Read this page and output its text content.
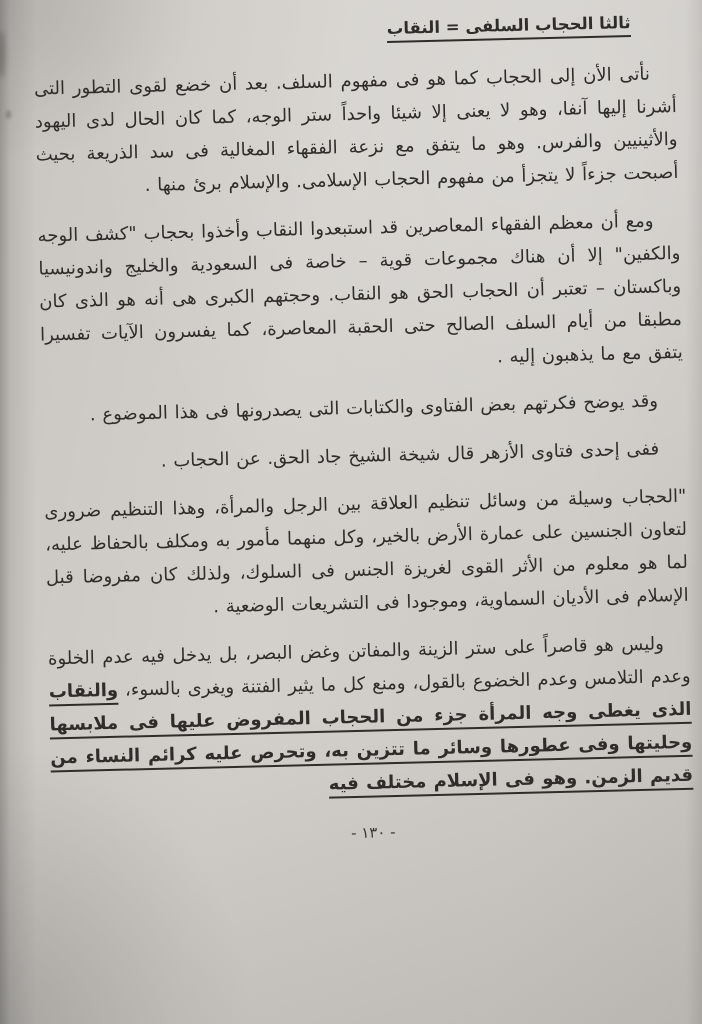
ثالثا الحجاب السلفى = النقاب

نأتى الأن إلى الحجاب كما هو فى مفهوم السلف. بعد أن خضع لقوى التطور التى أشرنا إليها آنفا، وهو لا يعنى إلا شيئا واحداً ستر الوجه، كما كان الحال لدى اليهود والأثينيين والفرس. وهو ما يتفق مع نزعة الفقهاء المغالية فى سد الذريعة بحيث أصبحت جزءاً لا يتجزأ من مفهوم الحجاب الإسلامى. والإسلام برئ منها .

ومع أن معظم الفقهاء المعاصرين قد استبعدوا النقاب وأخذوا بحجاب "كشف الوجه والكفين" إلا أن هناك مجموعات قوية – خاصة فى السعودية والخليج واندونيسيا وباكستان – تعتبر أن الحجاب الحق هو النقاب. وحجتهم الكبرى هى أنه هو الذى كان مطبقا من أيام السلف الصالح حتى الحقبة المعاصرة، كما يفسرون الآيات تفسيرا يتفق مع ما يذهبون إليه .

وقد يوضح فكرتهم بعض الفتاوى والكتابات التى يصدرونها فى هذا الموضوع .

ففى إحدى فتاوى الأزهر قال شيخة الشيخ جاد الحق. عن الحجاب .

"الحجاب وسيلة من وسائل تنظيم العلاقة بين الرجل والمرأة، وهذا التنظيم ضرورى لتعاون الجنسين على عمارة الأرض بالخير، وكل منهما مأمور به ومكلف بالحفاظ عليه، لما هو معلوم من الأثر القوى لغريزة الجنس فى السلوك، ولذلك كان مفروضا قبل الإسلام فى الأديان السماوية، وموجودا فى التشريعات الوضعية .

وليس هو قاصراً على ستر الزينة والمفاتن وغض البصر، بل يدخل فيه عدم الخلوة وعدم التلامس وعدم الخضوع بالقول، ومنع كل ما يثير الفتنة ويغرى بالسوء، والنقاب الذى يغطى وجه المرأة جزء من الحجاب المفروض عليها فى ملابسها وحليتها وفى عطورها وسائر ما تتزين به، وتحرص عليه كرائم النساء من قديم الزمن. وهو فى الإسلام مختلف فيه

- ١٣٠ -
